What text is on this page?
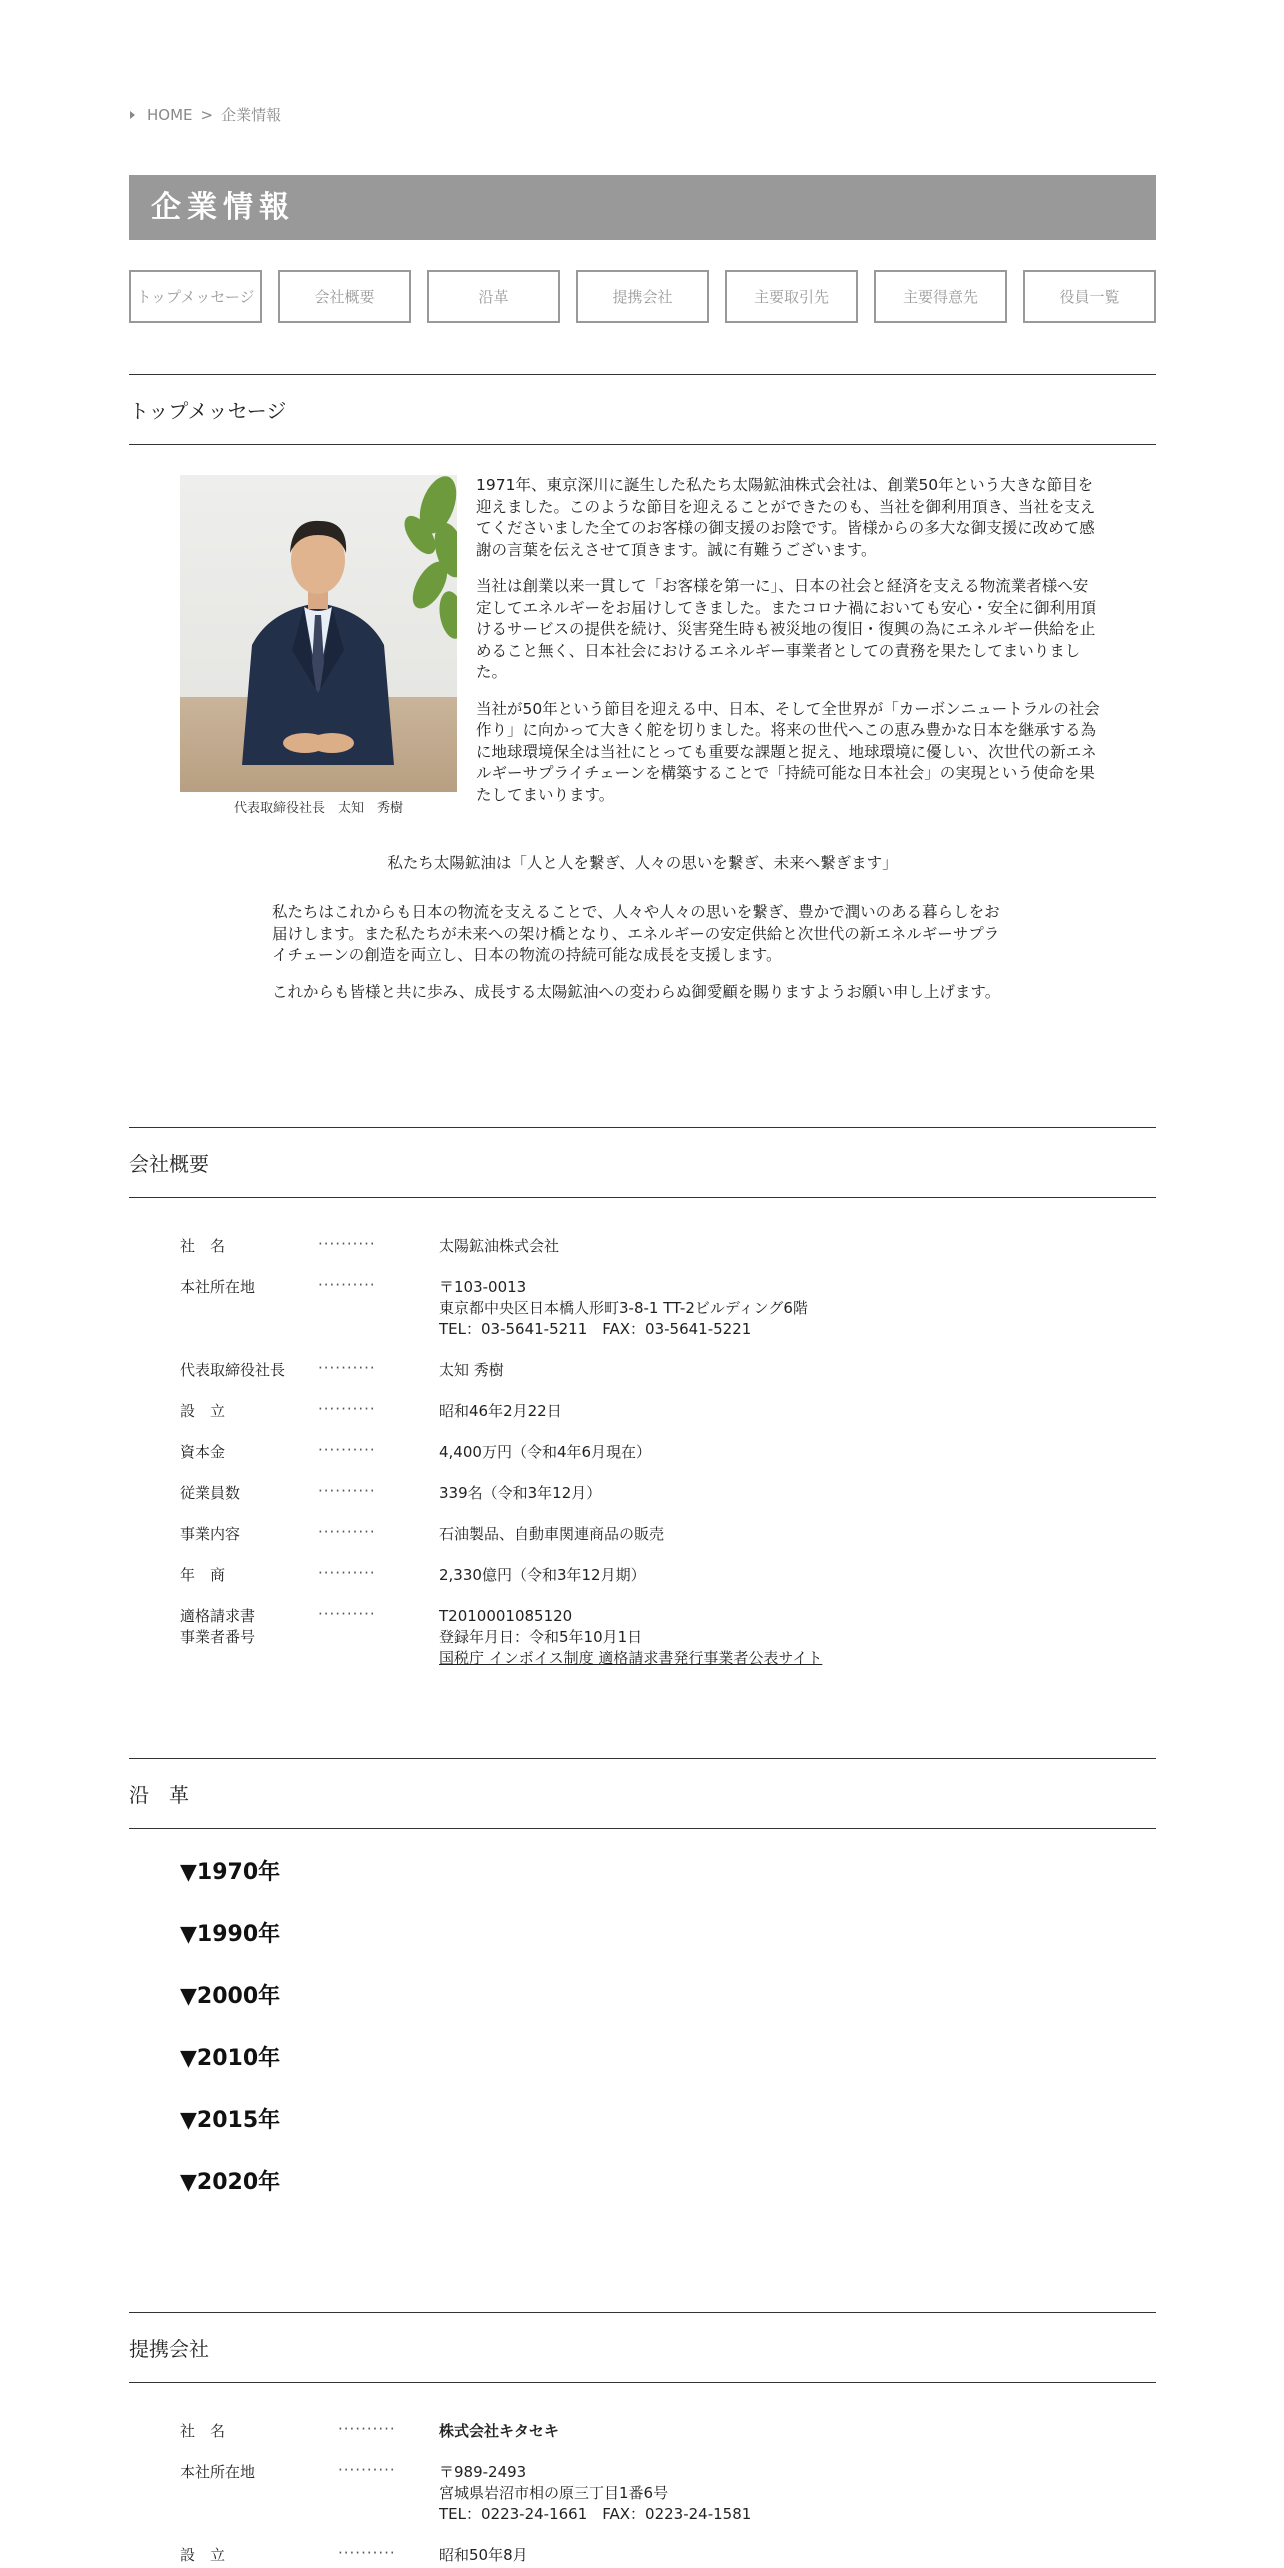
HOME > 企業情報
企業情報
トップメッセージ	会社概要	沿革	提携会社	主要取引先	主要得意先	役員一覧
トップメッセージ
代表取締役社長　太知　秀樹

1971年、東京深川に誕生した私たち太陽鉱油株式会社は、創業50年という大きな節目を迎えました。このような節目を迎えることができたのも、当社を御利用頂き、当社を支えてくださいました全てのお客様の御支援のお陰です。皆様からの多大な御支援に改めて感謝の言葉を伝えさせて頂きます。誠に有難うございます。

当社は創業以来一貫して「お客様を第一に」、日本の社会と経済を支える物流業者様へ安定してエネルギーをお届けしてきました。またコロナ禍においても安心・安全に御利用頂けるサービスの提供を続け、災害発生時も被災地の復旧・復興の為にエネルギー供給を止めること無く、日本社会におけるエネルギー事業者としての責務を果たしてまいりました。

当社が50年という節目を迎える中、日本、そして全世界が「カーボンニュートラルの社会作り」に向かって大きく舵を切りました。将来の世代へこの恵み豊かな日本を継承する為に地球環境保全は当社にとっても重要な課題と捉え、地球環境に優しい、次世代の新エネルギーサプライチェーンを構築することで「持続可能な日本社会」の実現という使命を果たしてまいります。

私たち太陽鉱油は「人と人を繋ぎ、人々の思いを繋ぎ、未来へ繋ぎます」

私たちはこれからも日本の物流を支えることで、人々や人々の思いを繋ぎ、豊かで潤いのある暮らしをお届けします。また私たちが未来への架け橋となり、エネルギーの安定供給と次世代の新エネルギーサプライチェーンの創造を両立し、日本の物流の持続可能な成長を支援します。

これからも皆様と共に歩み、成長する太陽鉱油への変わらぬ御愛顧を賜りますようお願い申し上げます。

会社概要
社　名	··········	太陽鉱油株式会社
本社所在地	··········	〒103-0013
東京都中央区日本橋人形町3-8-1 TT-2ビルディング6階
TEL：03-5641-5211　FAX：03-5641-5221
代表取締役社長	··········	太知 秀樹
設　立	··········	昭和46年2月22日
資本金	··········	4,400万円（令和4年6月現在）
従業員数	··········	339名（令和3年12月）
事業内容	··········	石油製品、自動車関連商品の販売
年　商	··········	2,330億円（令和3年12月期）
適格請求書
事業者番号
··········	T2010001085120
登録年月日：令和5年10月1日
国税庁 インボイス制度 適格請求書発行事業者公表サイト
沿　革
▼1970年
▼1990年
▼2000年
▼2010年
▼2015年
▼2020年
提携会社
社　名	··········	株式会社キタセキ
本社所在地	··········	〒989-2493
宮城県岩沼市相の原三丁目1番6号
TEL：0223-24-1661　FAX：0223-24-1581
設　立	··········	昭和50年8月
